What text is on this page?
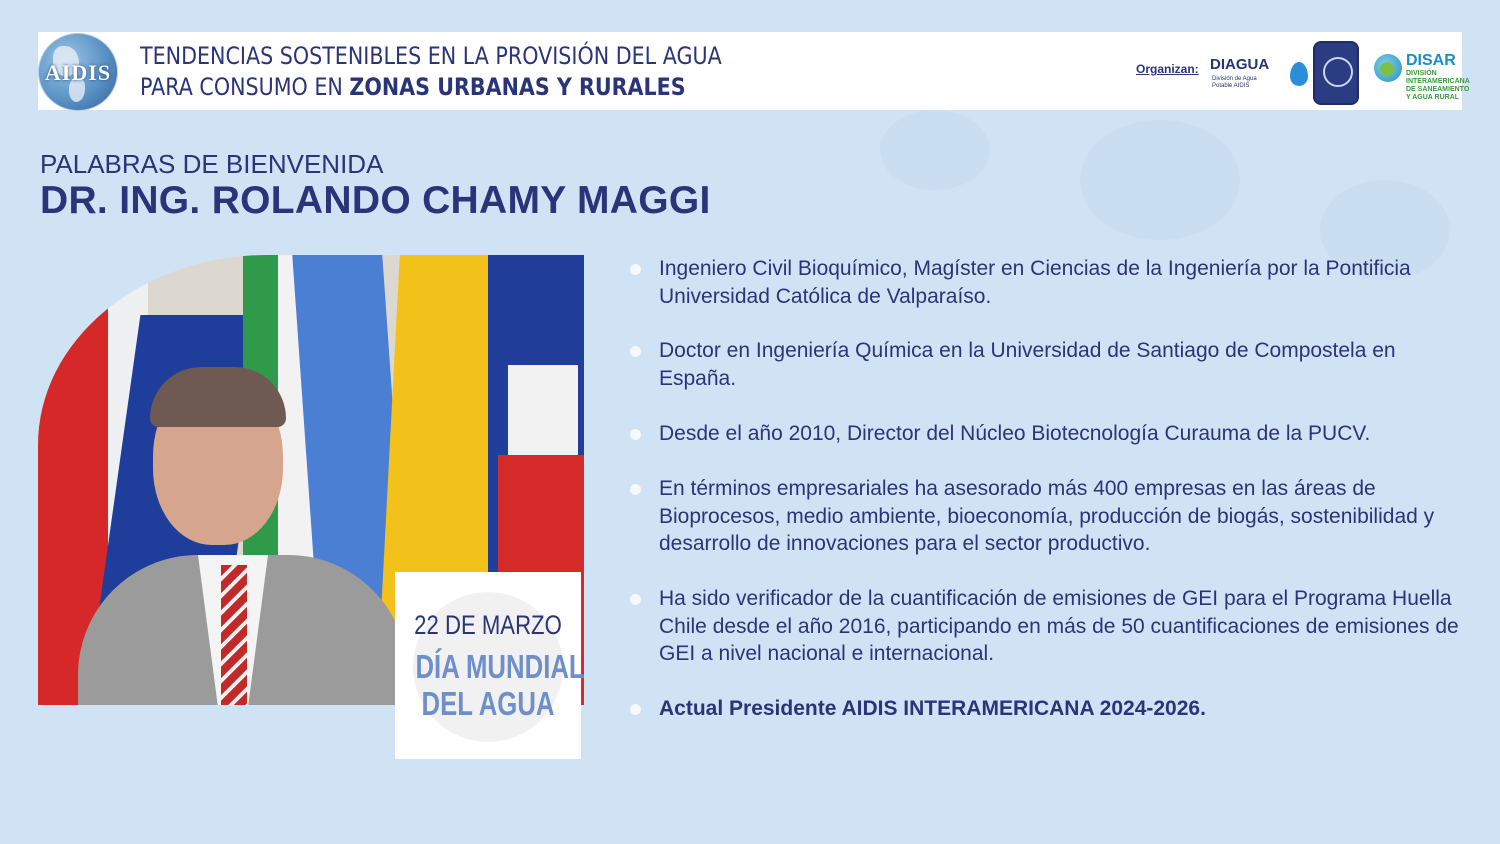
AIDIS
TENDENCIAS SOSTENIBLES EN LA PROVISIÓN DEL AGUA
PARA CONSUMO EN ZONAS URBANAS Y RURALES
Organizan: DIAGUA
División de Agua Potable AIDIS
DISAR
DIVISIÓN INTERAMERICANA DE SANEAMIENTO Y AGUA RURAL
PALABRAS DE BIENVENIDA
DR. ING. ROLANDO CHAMY MAGGI
22 DE MARZO
DÍA MUNDIAL
DEL AGUA
Ingeniero Civil Bioquímico, Magíster en Ciencias de la Ingeniería por la Pontificia Universidad Católica de Valparaíso.
Doctor en Ingeniería Química en la Universidad de Santiago de Compostela en España.
Desde el año 2010, Director del Núcleo Biotecnología Curauma de la PUCV.
En términos empresariales ha asesorado más 400 empresas en las áreas de Bioprocesos, medio ambiente, bioeconomía, producción de biogás, sostenibilidad y desarrollo de innovaciones para el sector productivo.
Ha sido verificador de la cuantificación de emisiones de GEI para el Programa Huella Chile desde el año 2016, participando en más de 50 cuantificaciones de emisiones de GEI a nivel nacional e internacional.
Actual Presidente AIDIS INTERAMERICANA 2024-2026.
